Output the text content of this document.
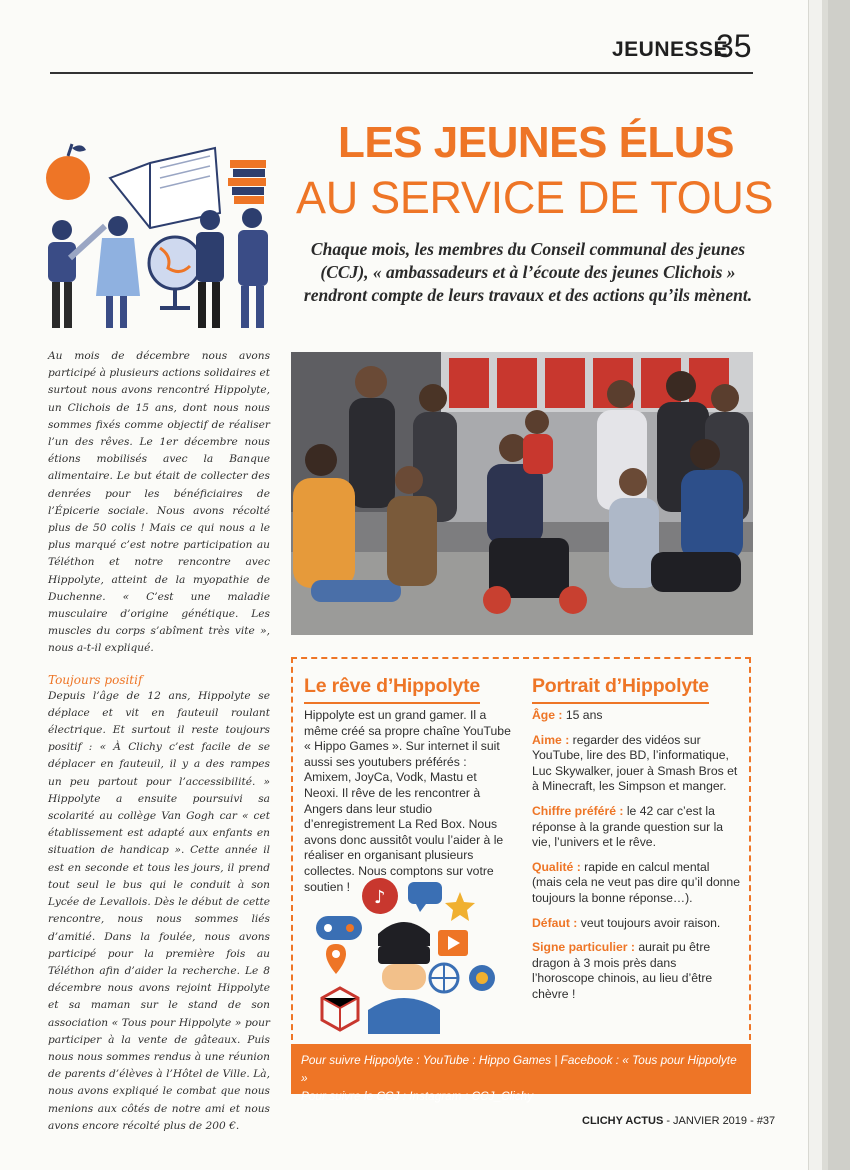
JEUNESSE
35
LES JEUNES ÉLUS
AU SERVICE DE TOUS
Chaque mois, les membres du Conseil communal des jeunes (CCJ), « ambassadeurs et à l’écoute des jeunes Clichois » rendront compte de leurs travaux et des actions qu’ils mènent.

Au mois de décembre nous avons participé à plusieurs actions solidaires et surtout nous avons rencontré Hippolyte, un Clichois de 15 ans, dont nous nous sommes fixés comme objectif de réaliser l’un des rêves. Le 1er décembre nous étions mobilisés avec la Banque alimentaire. Le but était de collecter des denrées pour les bénéficiaires de l’Épicerie sociale. Nous avons récolté plus de 50 colis ! Mais ce qui nous a le plus marqué c’est notre participation au Téléthon et notre rencontre avec Hippolyte, atteint de la myopathie de Duchenne. « C’est une maladie musculaire d’origine génétique. Les muscles du corps s’abîment très vite », nous a-t-il expliqué.

Toujours positif

Depuis l’âge de 12 ans, Hippolyte se déplace et vit en fauteuil roulant électrique. Et surtout il reste toujours positif : « À Clichy c’est facile de se déplacer en fauteuil, il y a des rampes un peu partout pour l’accessibilité. » Hippolyte a ensuite poursuivi sa scolarité au collège Van Gogh car « cet établissement est adapté aux enfants en situation de handicap ». Cette année il est en seconde et tous les jours, il prend tout seul le bus qui le conduit à son Lycée de Levallois. Dès le début de cette rencontre, nous nous sommes liés d’amitié. Dans la foulée, nous avons participé pour la première fois au Téléthon afin d’aider la recherche. Le 8 décembre nous avons rejoint Hippolyte et sa maman sur le stand de son association « Tous pour Hippolyte » pour participer à la vente de gâteaux. Puis nous nous sommes rendus à une réunion de parents d’élèves à l’Hôtel de Ville. Là, nous avons expliqué le combat que nous menions aux côtés de notre ami et nous avons encore récolté plus de 200 €.

Le rêve d’Hippolyte

Hippolyte est un grand gamer. Il a même créé sa propre chaîne YouTube « Hippo Games ». Sur internet il suit aussi ses youtubers préférés : Amixem, JoyCa, Vodk, Mastu et Neoxi. Il rêve de les rencontrer à Angers dans leur studio d’enregistrement La Red Box. Nous avons donc aussitôt voulu l’aider à le réaliser en organisant plusieurs collectes. Nous comptons sur votre soutien !

♪
Portrait d’Hippolyte

Âge : 15 ans

Aime : regarder des vidéos sur YouTube, lire des BD, l’informatique, Luc Skywalker, jouer à Smash Bros et à Minecraft, les Simpson et manger.

Chiffre préféré : le 42 car c’est la réponse à la grande question sur la vie, l’univers et le rêve.

Qualité : rapide en calcul mental (mais cela ne veut pas dire qu’il donne toujours la bonne réponse…).

Défaut : veut toujours avoir raison.

Signe particulier : aurait pu être dragon à 3 mois près dans l’horoscope chinois, au lieu d’être chèvre !

Pour suivre Hippolyte : YouTube : Hippo Games | Facebook : « Tous pour Hippolyte »
Pour suivre le CCJ : Instagram : CCJ_Clichy
CLICHY ACTUS - JANVIER 2019 - #37
